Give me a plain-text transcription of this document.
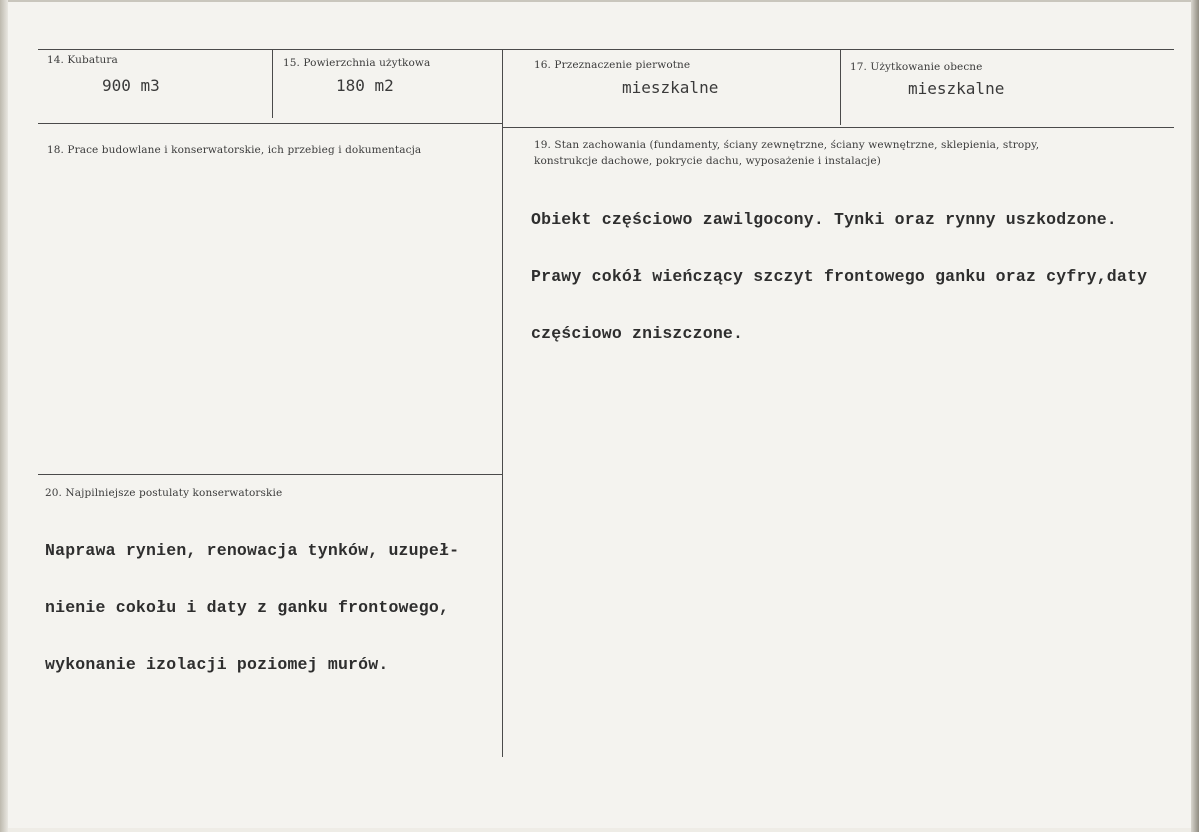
14. Kubatura
900 m3
15. Powierzchnia użytkowa
180 m2
16. Przeznaczenie pierwotne
mieszkalne
17. Użytkowanie obecne
mieszkalne
18. Prace budowlane i konserwatorskie, ich przebieg i dokumentacja	19. Stan zachowania (fundamenty, ściany zewnętrzne, ściany wewnętrzne, sklepienia, stropy, konstrukcje dachowe, pokrycie dachu, wyposażenie i instalacje)

Obiekt częściowo zawilgocony. Tynki oraz rynny uszkodzone.

Prawy cokół wieńczący szczyt frontowego ganku oraz cyfry,daty

częściowo zniszczone.

20. Najpilniejsze postulaty konserwatorskie

Naprawa rynien, renowacja tynków, uzupeł-

nienie cokołu i daty z ganku frontowego,

wykonanie izolacji poziomej murów.
